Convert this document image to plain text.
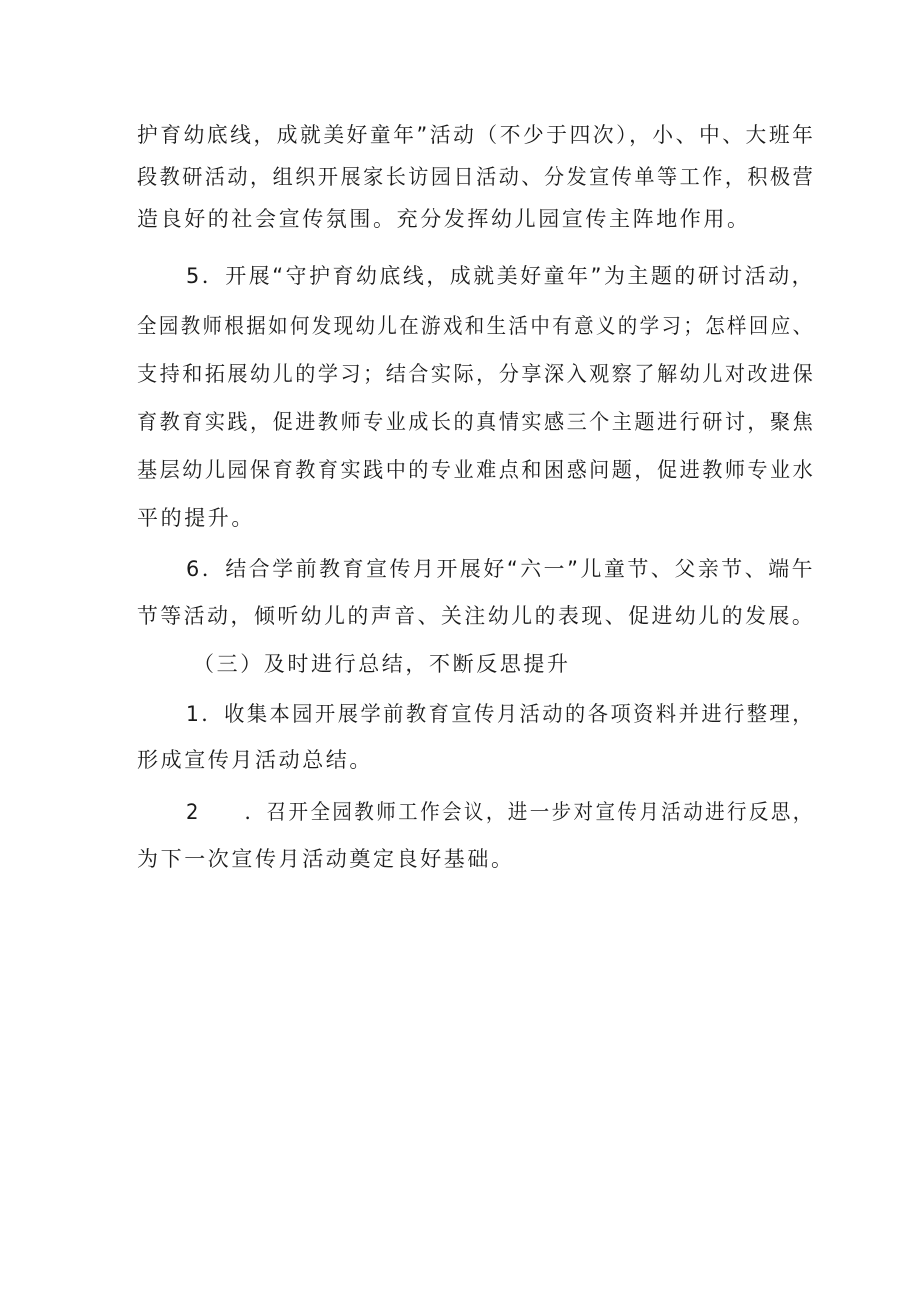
护育幼底线，成就美好童年”活动（不少于四次），小、中、大班年
段教研活动，组织开展家长访园日活动、分发宣传单等工作，积极营
造良好的社会宣传氛围。充分发挥幼儿园宣传主阵地作用。
5．开展“守护育幼底线，成就美好童年”为主题的研讨活动，
全园教师根据如何发现幼儿在游戏和生活中有意义的学习；怎样回应、
支持和拓展幼儿的学习；结合实际，分享深入观察了解幼儿对改进保
育教育实践，促进教师专业成长的真情实感三个主题进行研讨，聚焦
基层幼儿园保育教育实践中的专业难点和困惑问题，促进教师专业水
平的提升。
6．结合学前教育宣传月开展好“六一”儿童节、父亲节、端午
节等活动，倾听幼儿的声音、关注幼儿的表现、促进幼儿的发展。
（三）及时进行总结，不断反思提升
1．收集本园开展学前教育宣传月活动的各项资料并进行整理，
形成宣传月活动总结。
2　　．召开全园教师工作会议，进一步对宣传月活动进行反思，
为下一次宣传月活动奠定良好基础。
